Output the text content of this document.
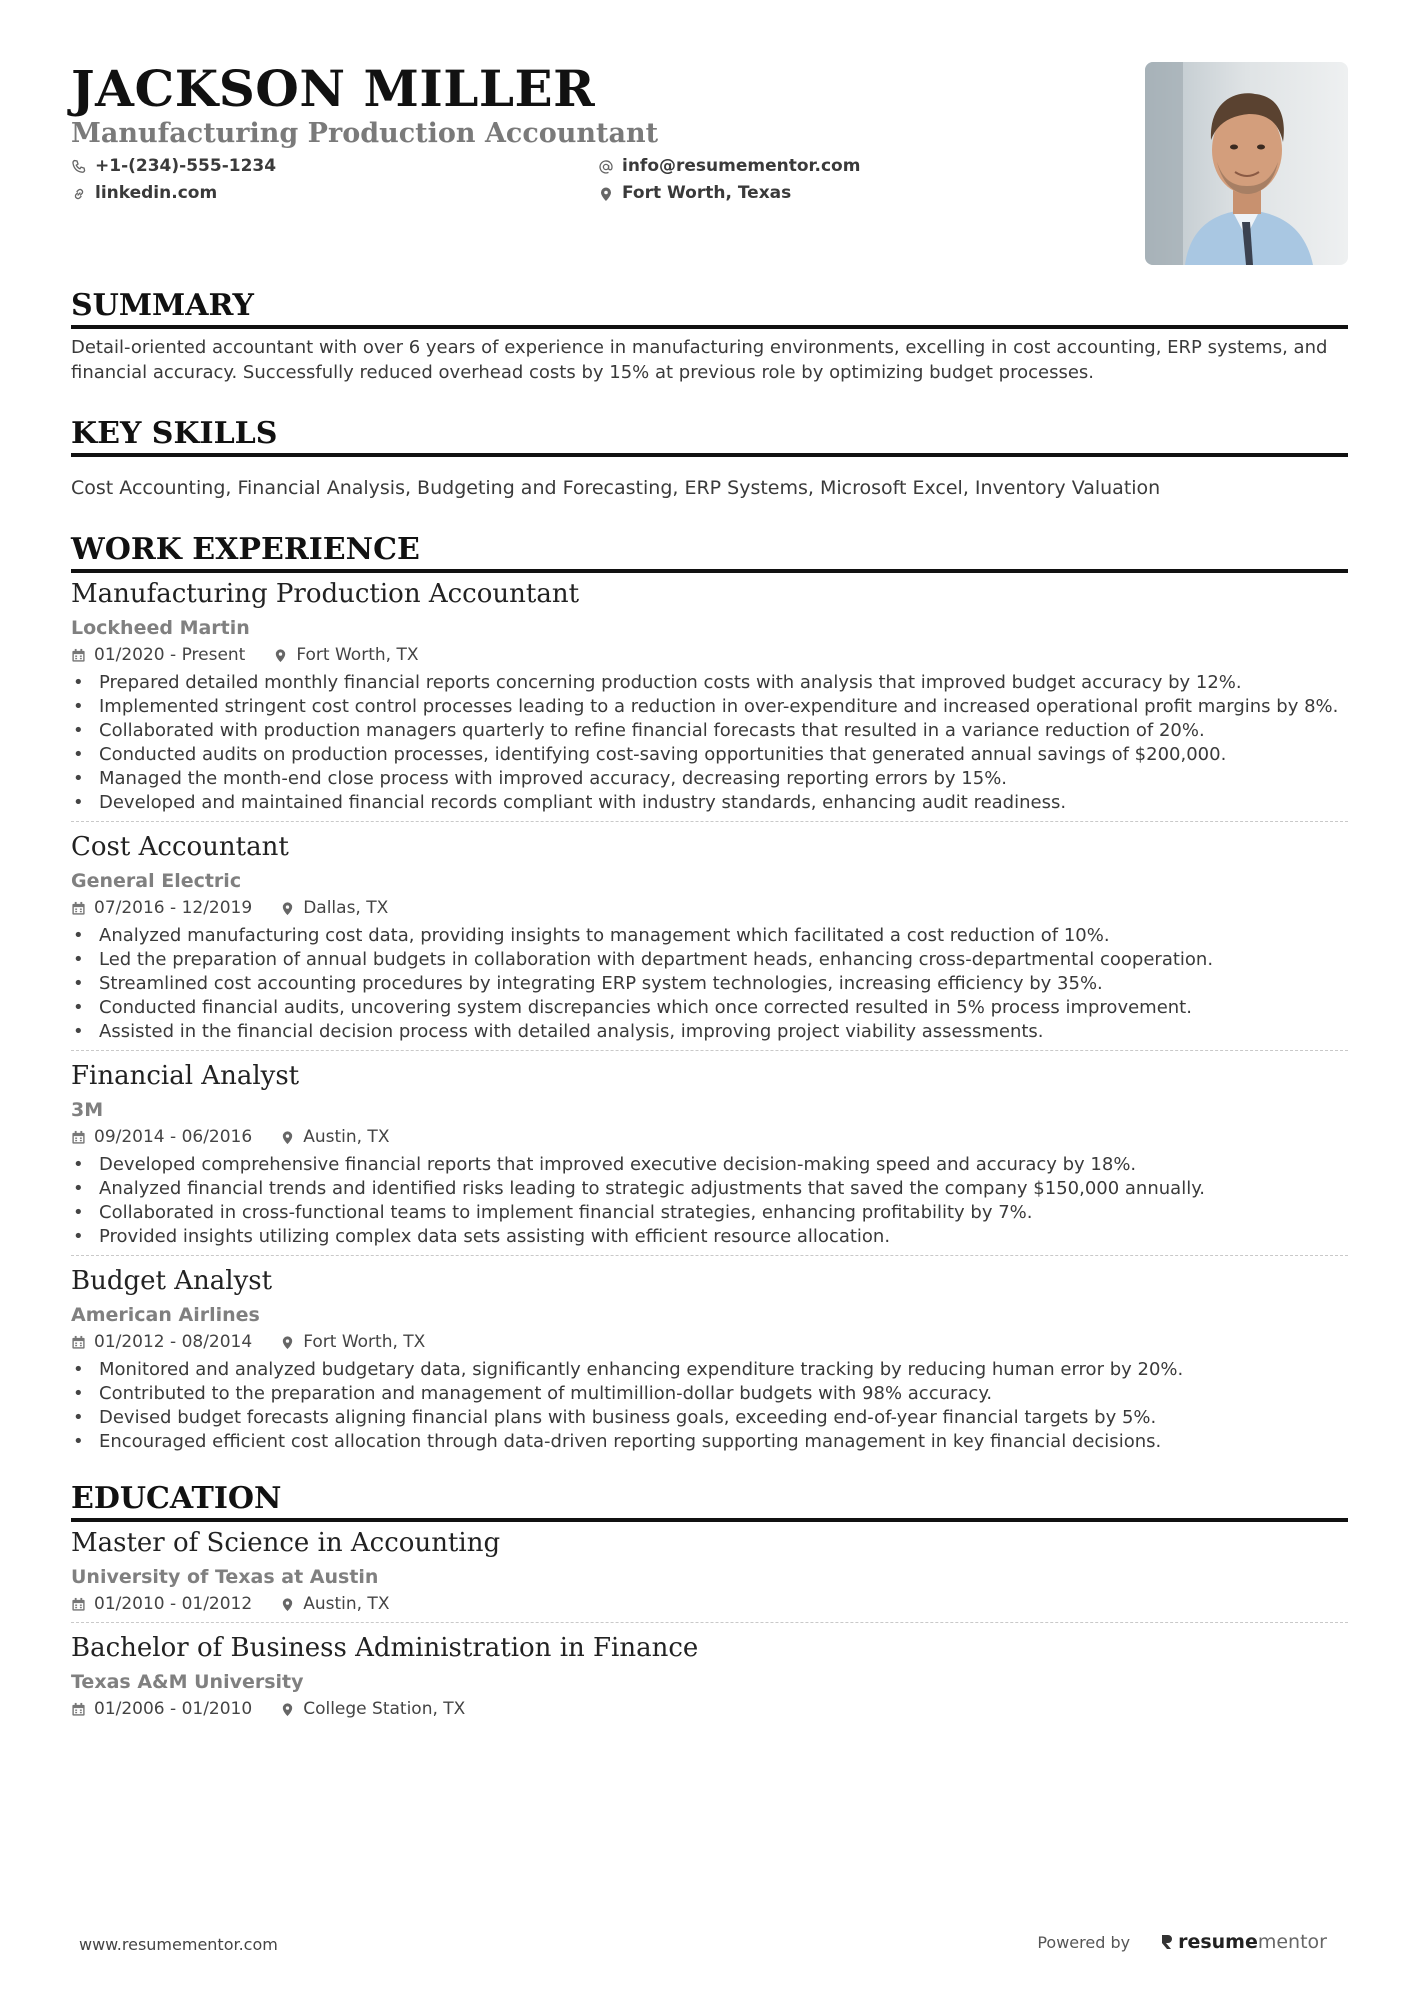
JACKSON MILLER
Manufacturing Production Accountant
+1-(234)-555-1234	info@resumementor.com
linkedin.com	Fort Worth, Texas
SUMMARY
Detail-oriented accountant with over 6 years of experience in manufacturing environments, excelling in cost accounting, ERP systems, and financial accuracy. Successfully reduced overhead costs by 15% at previous role by optimizing budget processes.
KEY SKILLS
Cost Accounting, Financial Analysis, Budgeting and Forecasting, ERP Systems, Microsoft Excel, Inventory Valuation
WORK EXPERIENCE
Manufacturing Production Accountant
Lockheed Martin
01/2020 - Present	Fort Worth, TX
• Prepared detailed monthly financial reports concerning production costs with analysis that improved budget accuracy by 12%.
• Implemented stringent cost control processes leading to a reduction in over-expenditure and increased operational profit margins by 8%.
• Collaborated with production managers quarterly to refine financial forecasts that resulted in a variance reduction of 20%.
• Conducted audits on production processes, identifying cost-saving opportunities that generated annual savings of $200,000.
• Managed the month-end close process with improved accuracy, decreasing reporting errors by 15%.
• Developed and maintained financial records compliant with industry standards, enhancing audit readiness.
Cost Accountant
General Electric
07/2016 - 12/2019	Dallas, TX
• Analyzed manufacturing cost data, providing insights to management which facilitated a cost reduction of 10%.
• Led the preparation of annual budgets in collaboration with department heads, enhancing cross-departmental cooperation.
• Streamlined cost accounting procedures by integrating ERP system technologies, increasing efficiency by 35%.
• Conducted financial audits, uncovering system discrepancies which once corrected resulted in 5% process improvement.
• Assisted in the financial decision process with detailed analysis, improving project viability assessments.
Financial Analyst
3M
09/2014 - 06/2016	Austin, TX
• Developed comprehensive financial reports that improved executive decision-making speed and accuracy by 18%.
• Analyzed financial trends and identified risks leading to strategic adjustments that saved the company $150,000 annually.
• Collaborated in cross-functional teams to implement financial strategies, enhancing profitability by 7%.
• Provided insights utilizing complex data sets assisting with efficient resource allocation.
Budget Analyst
American Airlines
01/2012 - 08/2014	Fort Worth, TX
• Monitored and analyzed budgetary data, significantly enhancing expenditure tracking by reducing human error by 20%.
• Contributed to the preparation and management of multimillion-dollar budgets with 98% accuracy.
• Devised budget forecasts aligning financial plans with business goals, exceeding end-of-year financial targets by 5%.
• Encouraged efficient cost allocation through data-driven reporting supporting management in key financial decisions.
EDUCATION
Master of Science in Accounting
University of Texas at Austin
01/2010 - 01/2012	Austin, TX
Bachelor of Business Administration in Finance
Texas A&M University
01/2006 - 01/2010	College Station, TX
www.resumementor.com	Powered by	resumementor
